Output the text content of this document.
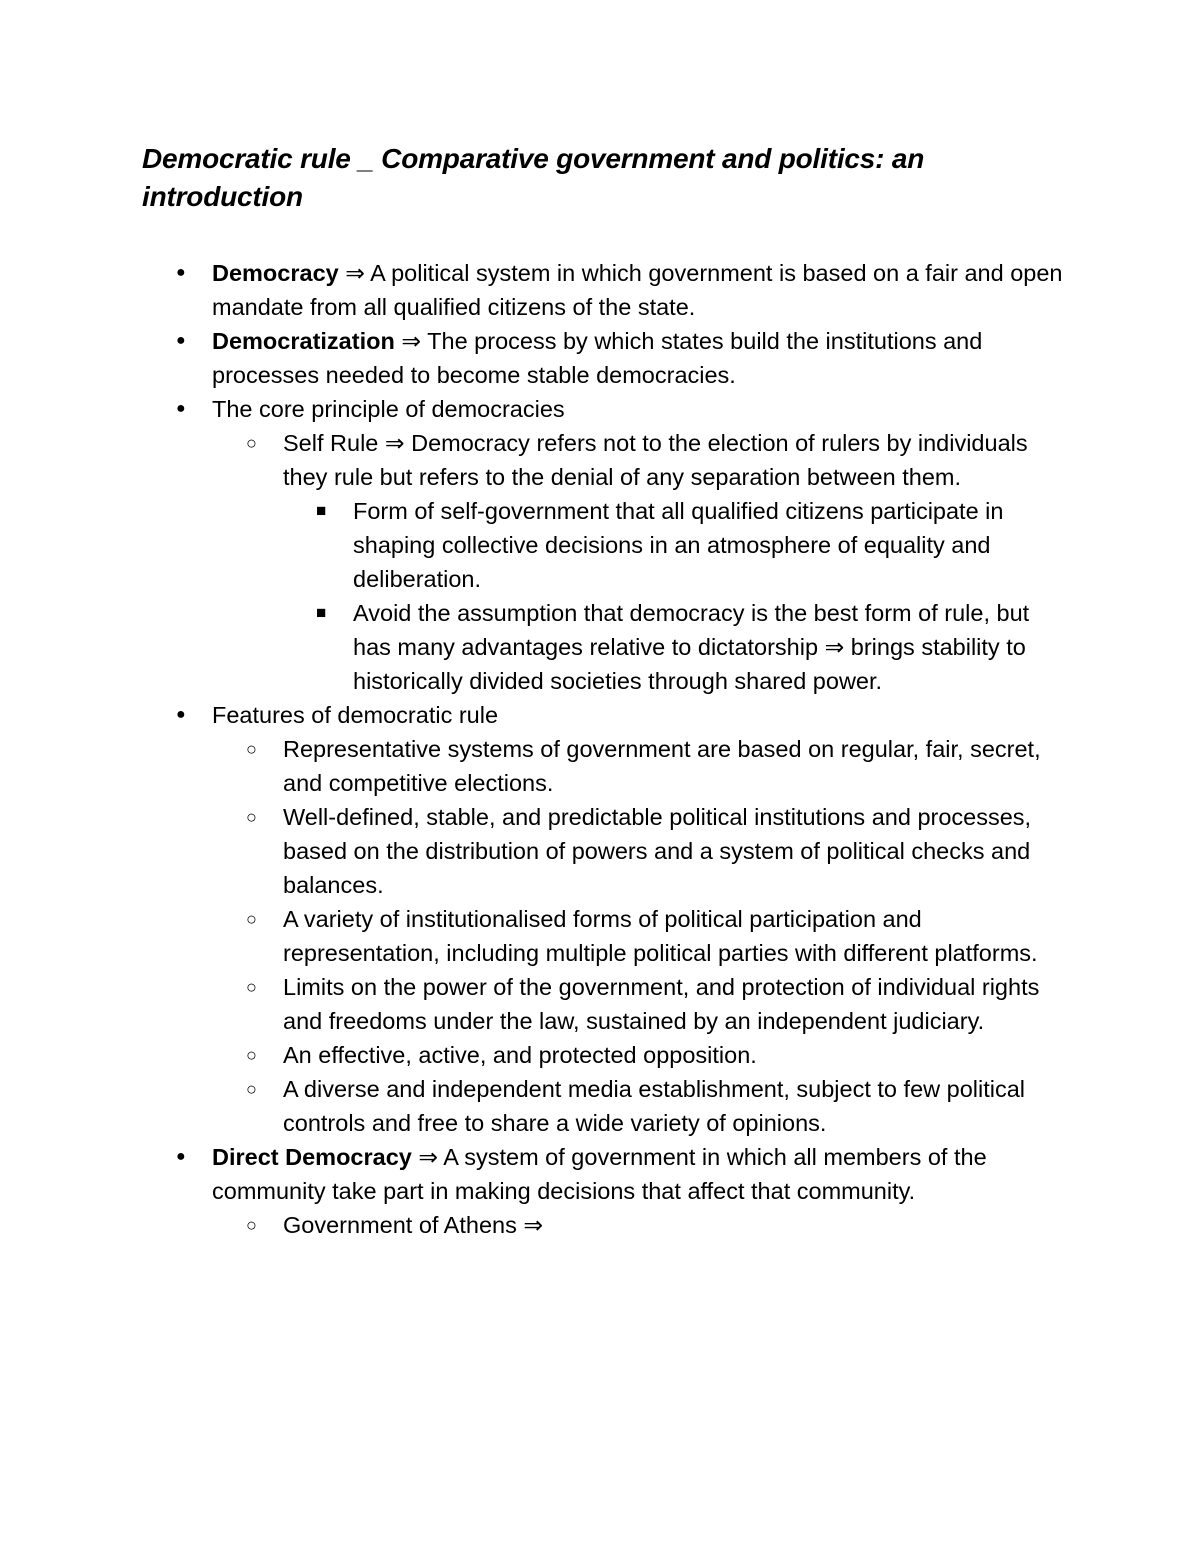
Democratic rule _ Comparative government and politics: an introduction
● Democracy ⇒ A political system in which government is based on a fair and open mandate from all qualified citizens of the state.
● Democratization ⇒ The process by which states build the institutions and processes needed to become stable democracies.
● The core principle of democracies
○ Self Rule ⇒ Democracy refers not to the election of rulers by individuals they rule but refers to the denial of any separation between them.
■ Form of self-government that all qualified citizens participate in shaping collective decisions in an atmosphere of equality and deliberation.
■ Avoid the assumption that democracy is the best form of rule, but has many advantages relative to dictatorship ⇒ brings stability to historically divided societies through shared power.
● Features of democratic rule
○ Representative systems of government are based on regular, fair, secret, and competitive elections.
○ Well-defined, stable, and predictable political institutions and processes, based on the distribution of powers and a system of political checks and balances.
○ A variety of institutionalised forms of political participation and representation, including multiple political parties with different platforms.
○ Limits on the power of the government, and protection of individual rights and freedoms under the law, sustained by an independent judiciary.
○ An effective, active, and protected opposition.
○ A diverse and independent media establishment, subject to few political controls and free to share a wide variety of opinions.
● Direct Democracy ⇒ A system of government in which all members of the community take part in making decisions that affect that community.
○ Government of Athens ⇒
